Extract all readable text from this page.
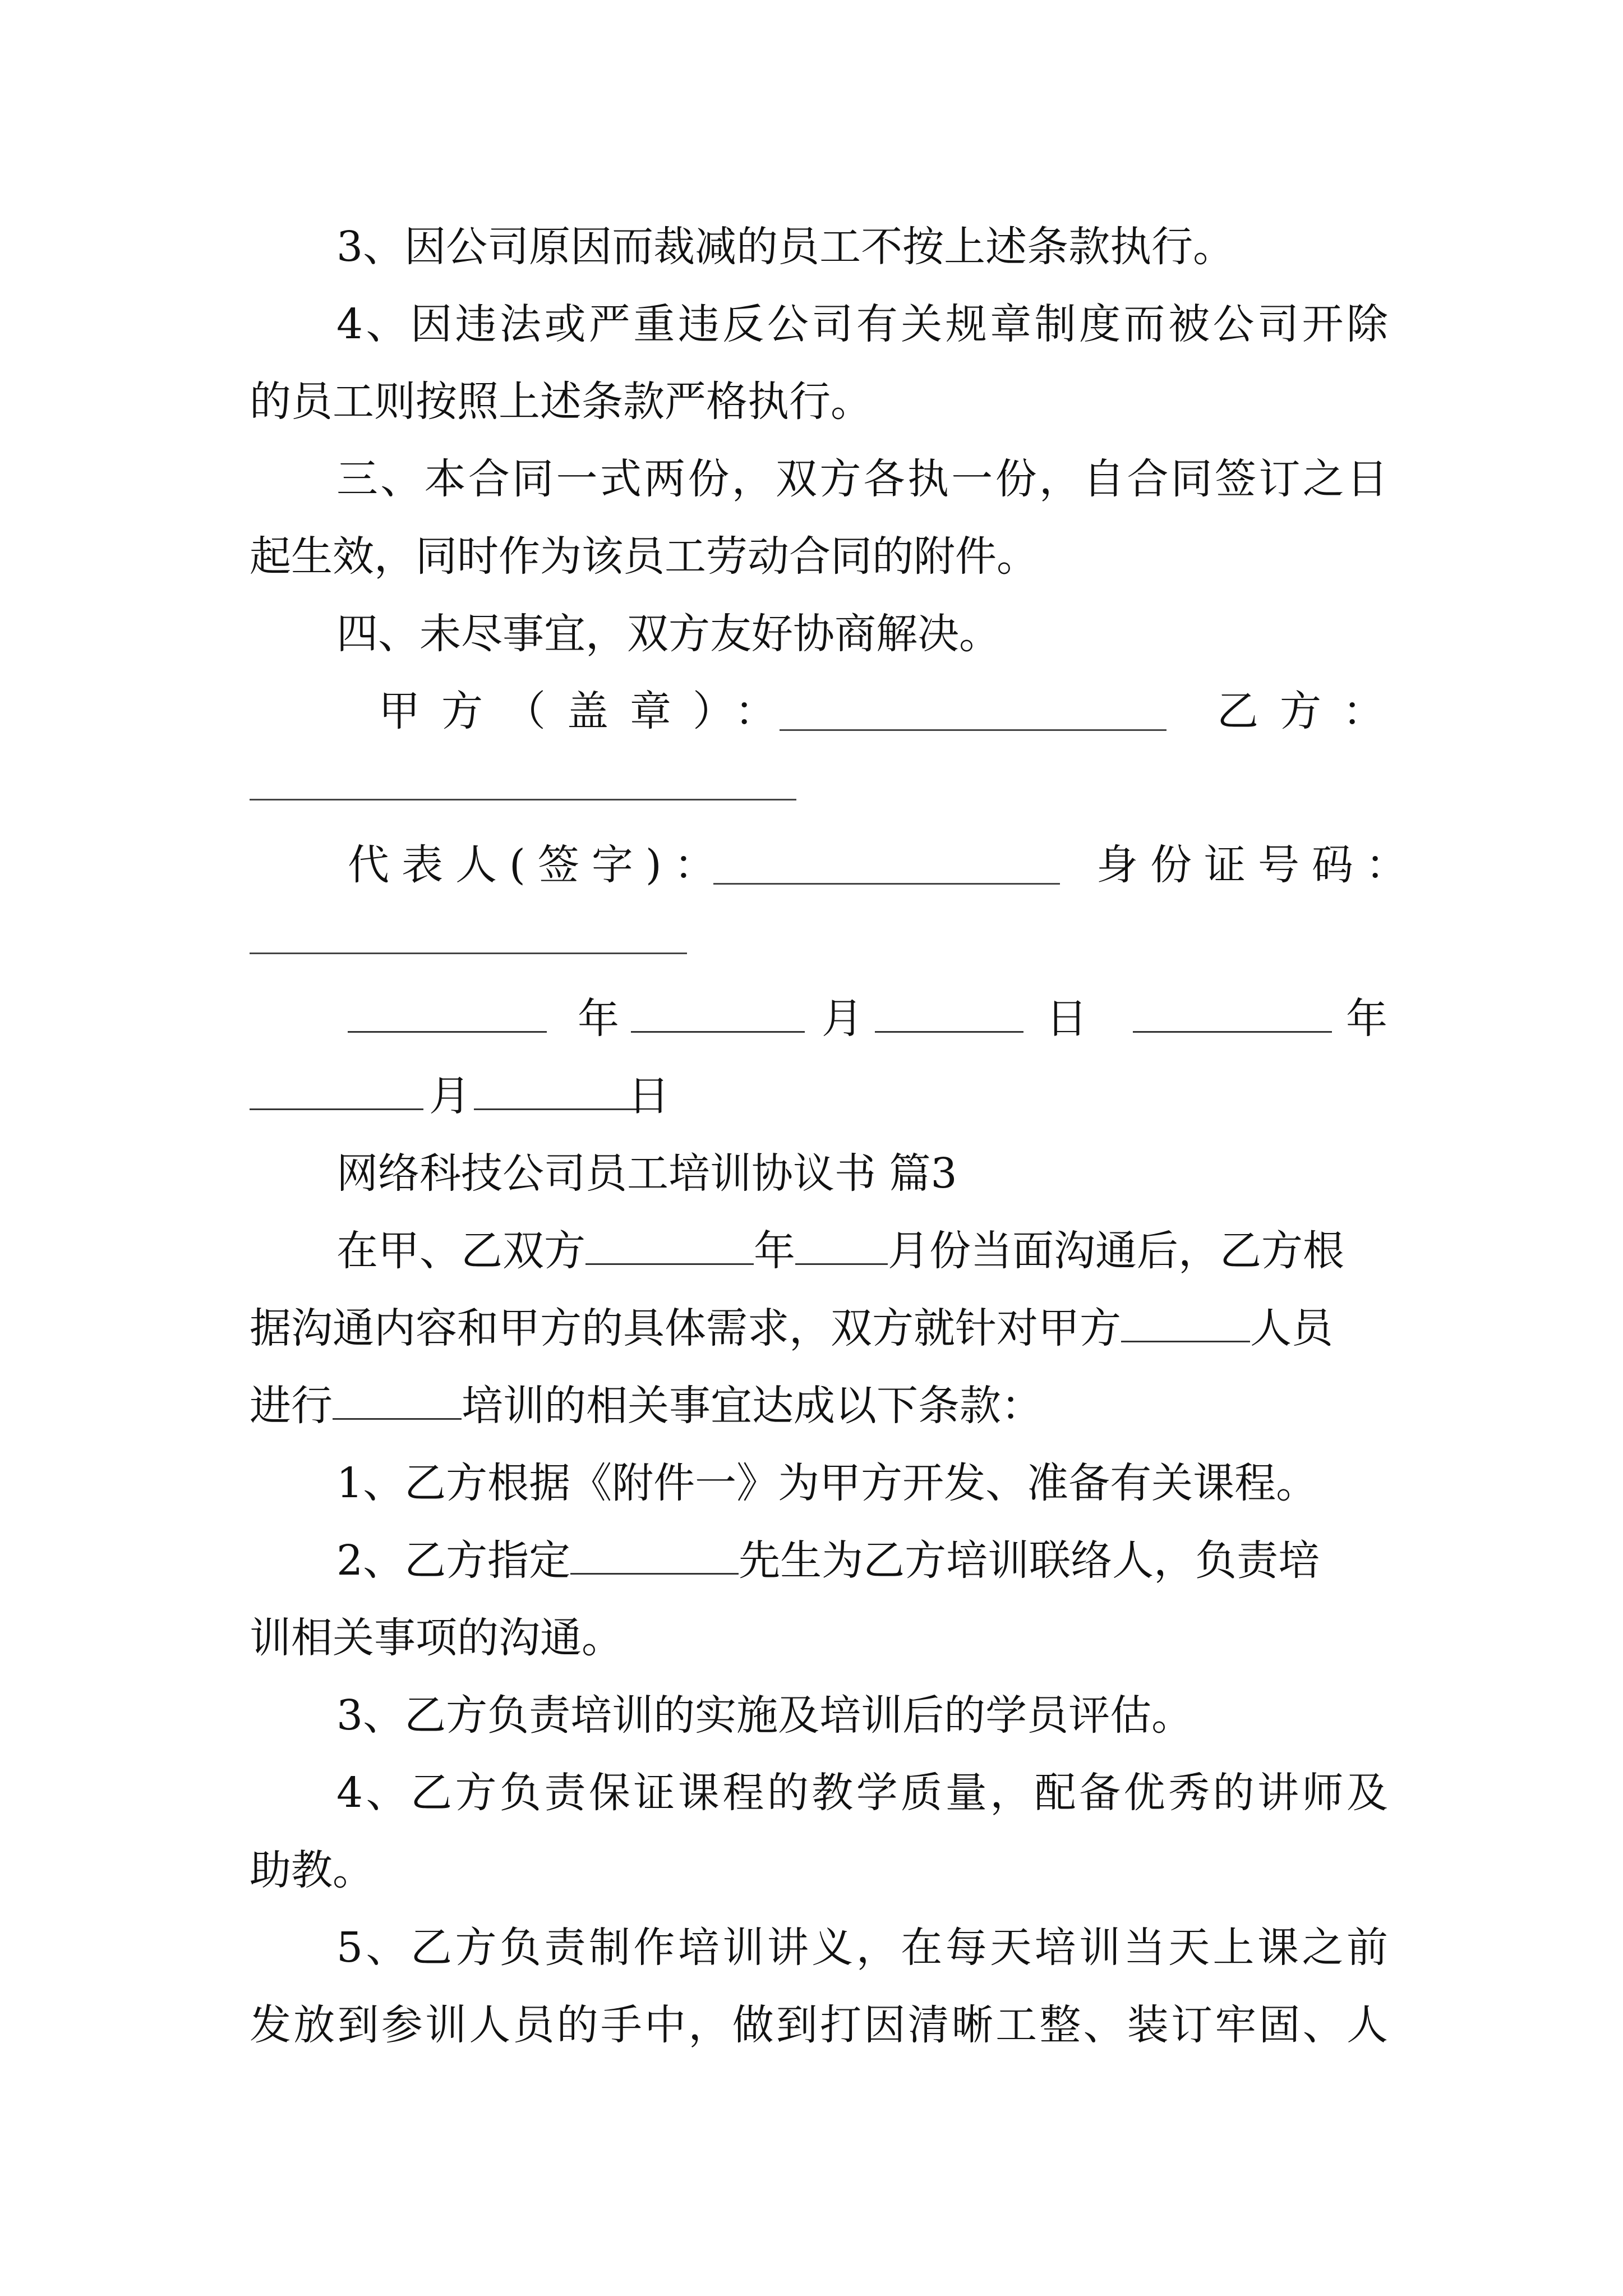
3、因公司原因而裁减的员工不按上述条款执行。
4、因违法或严重违反公司有关规章制度而被公司开除
的员工则按照上述条款严格执行。
三、本合同一式两份，双方各执一份，自合同签订之日
起生效，同时作为该员工劳动合同的附件。
四、未尽事宜，双方友好协商解决。
甲方（盖章）：	乙方：
代表人(签字)：	身份证号码：
年	月	日	年
月	日
网络科技公司员工培训协议书 篇3
在甲、乙双方	年 月份当面沟通后，乙方根
据沟通内容和甲方的具体需求，双方就针对甲方	人员
进行	培训的相关事宜达成以下条款：
1、乙方根据《附件一》为甲方开发、准备有关课程。
2、乙方指定	先生为乙方培训联络人，负责培
训相关事项的沟通。
3、乙方负责培训的实施及培训后的学员评估。
4、乙方负责保证课程的教学质量，配备优秀的讲师及
助教。
5、乙方负责制作培训讲义，在每天培训当天上课之前
发放到参训人员的手中，做到打因清晰工整、装订牢固、人
